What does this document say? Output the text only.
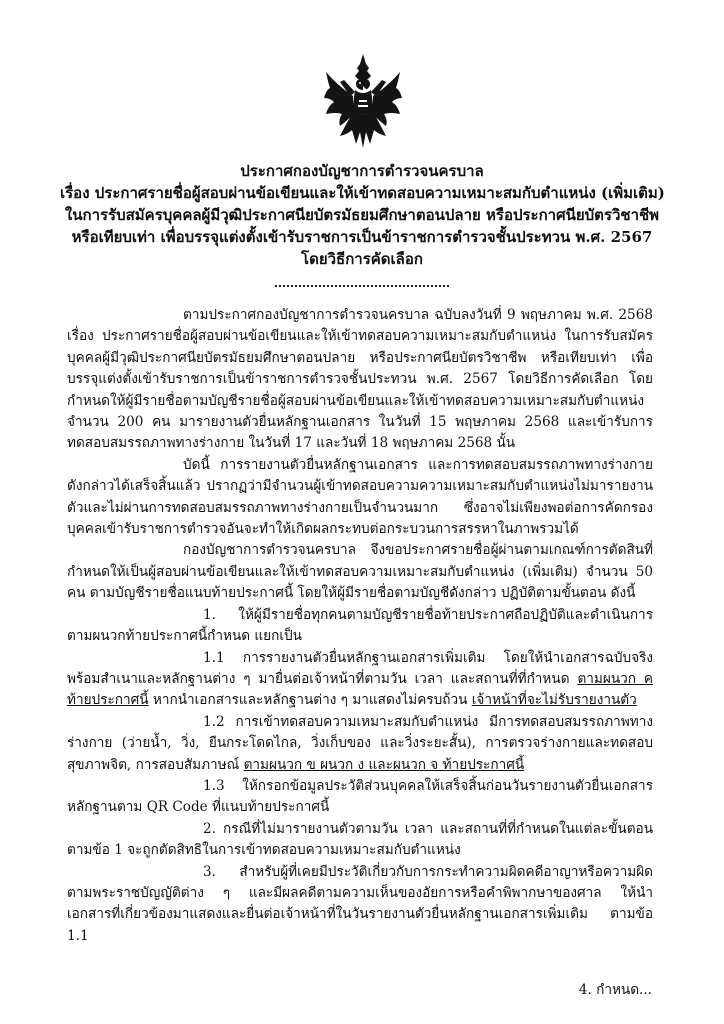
ประกาศกองบัญชาการตำรวจนครบาล
เรื่อง ประกาศรายชื่อผู้สอบผ่านข้อเขียนและให้เข้าทดสอบความเหมาะสมกับตำแหน่ง (เพิ่มเติม)
ในการรับสมัครบุคคลผู้มีวุฒิประกาศนียบัตรมัธยมศึกษาตอนปลาย หรือประกาศนียบัตรวิชาชีพ
หรือเทียบเท่า เพื่อบรรจุแต่งตั้งเข้ารับราชการเป็นข้าราชการตำรวจชั้นประทวน พ.ศ. 2567
โดยวิธีการคัดเลือก

ตามประกาศกองบัญชาการตำรวจนครบาล ฉบับลงวันที่ 9 พฤษภาคม พ.ศ. 2568 เรื่อง ประกาศรายชื่อผู้สอบผ่านข้อเขียนและให้เข้าทดสอบความเหมาะสมกับตำแหน่ง ในการรับสมัครบุคคลผู้มีวุฒิประกาศนียบัตรมัธยมศึกษาตอนปลาย หรือประกาศนียบัตรวิชาชีพ หรือเทียบเท่า เพื่อบรรจุแต่งตั้งเข้ารับราชการเป็นข้าราชการตำรวจชั้นประทวน พ.ศ. 2567 โดยวิธีการคัดเลือก โดยกำหนดให้ผู้มีรายชื่อตามบัญชีรายชื่อผู้สอบผ่านข้อเขียนและให้เข้าทดสอบความเหมาะสมกับตำแหน่ง จำนวน 200 คน มารายงานตัวยื่นหลักฐานเอกสาร ในวันที่ 15 พฤษภาคม 2568 และเข้ารับการทดสอบสมรรถภาพทางร่างกาย ในวันที่ 17 และวันที่ 18 พฤษภาคม 2568 นั้น

บัดนี้ การรายงานตัวยื่นหลักฐานเอกสาร และการทดสอบสมรรถภาพทางร่างกายดังกล่าวได้เสร็จสิ้นแล้ว ปรากฏว่ามีจำนวนผู้เข้าทดสอบความความเหมาะสมกับตำแหน่งไม่มารายงานตัวและไม่ผ่านการทดสอบสมรรถภาพทางร่างกายเป็นจำนวนมาก ซึ่งอาจไม่เพียงพอต่อการคัดกรองบุคคลเข้ารับราชการตำรวจอันจะทำให้เกิดผลกระทบต่อกระบวนการสรรหาในภาพรวมได้

กองบัญชาการตำรวจนครบาล จึงขอประกาศรายชื่อผู้ผ่านตามเกณฑ์การตัดสินที่กำหนดให้เป็นผู้สอบผ่านข้อเขียนและให้เข้าทดสอบความเหมาะสมกับตำแหน่ง (เพิ่มเติม) จำนวน 50 คน ตามบัญชีรายชื่อแนบท้ายประกาศนี้ โดยให้ผู้มีรายชื่อตามบัญชีดังกล่าว ปฏิบัติตามขั้นตอน ดังนี้

1. ให้ผู้มีรายชื่อทุกคนตามบัญชีรายชื่อท้ายประกาศถือปฏิบัติและดำเนินการตามผนวกท้ายประกาศนี้กำหนด แยกเป็น

1.1 การรายงานตัวยื่นหลักฐานเอกสารเพิ่มเติม โดยให้นำเอกสารฉบับจริงพร้อมสำเนาและหลักฐานต่าง ๆ มายื่นต่อเจ้าหน้าที่ตามวัน เวลา และสถานที่ที่กำหนด ตามผนวก ค ท้ายประกาศนี้ หากนำเอกสารและหลักฐานต่าง ๆ มาแสดงไม่ครบถ้วน เจ้าหน้าที่จะไม่รับรายงานตัว

1.2 การเข้าทดสอบความเหมาะสมกับตำแหน่ง มีการทดสอบสมรรถภาพทางร่างกาย (ว่ายน้ำ, วิ่ง, ยืนกระโดดไกล, วิ่งเก็บของ และวิ่งระยะสั้น), การตรวจร่างกายและทดสอบสุขภาพจิต, การสอบสัมภาษณ์ ตามผนวก ข ผนวก ง และผนวก จ ท้ายประกาศนี้

1.3 ให้กรอกข้อมูลประวัติส่วนบุคคลให้เสร็จสิ้นก่อนวันรายงานตัวยื่นเอกสารหลักฐานตาม QR Code ที่แนบท้ายประกาศนี้

2. กรณีที่ไม่มารายงานตัวตามวัน เวลา และสถานที่ที่กำหนดในแต่ละขั้นตอนตามข้อ 1 จะถูกตัดสิทธิในการเข้าทดสอบความเหมาะสมกับตำแหน่ง

3. สำหรับผู้ที่เคยมีประวัติเกี่ยวกับการกระทำความผิดคดีอาญาหรือความผิดตามพระราชบัญญัติต่าง ๆ และมีผลคดีตามความเห็นของอัยการหรือคำพิพากษาของศาล ให้นำเอกสารที่เกี่ยวข้องมาแสดงและยื่นต่อเจ้าหน้าที่ในวันรายงานตัวยื่นหลักฐานเอกสารเพิ่มเติม ตามข้อ 1.1

4. กำหนด...
